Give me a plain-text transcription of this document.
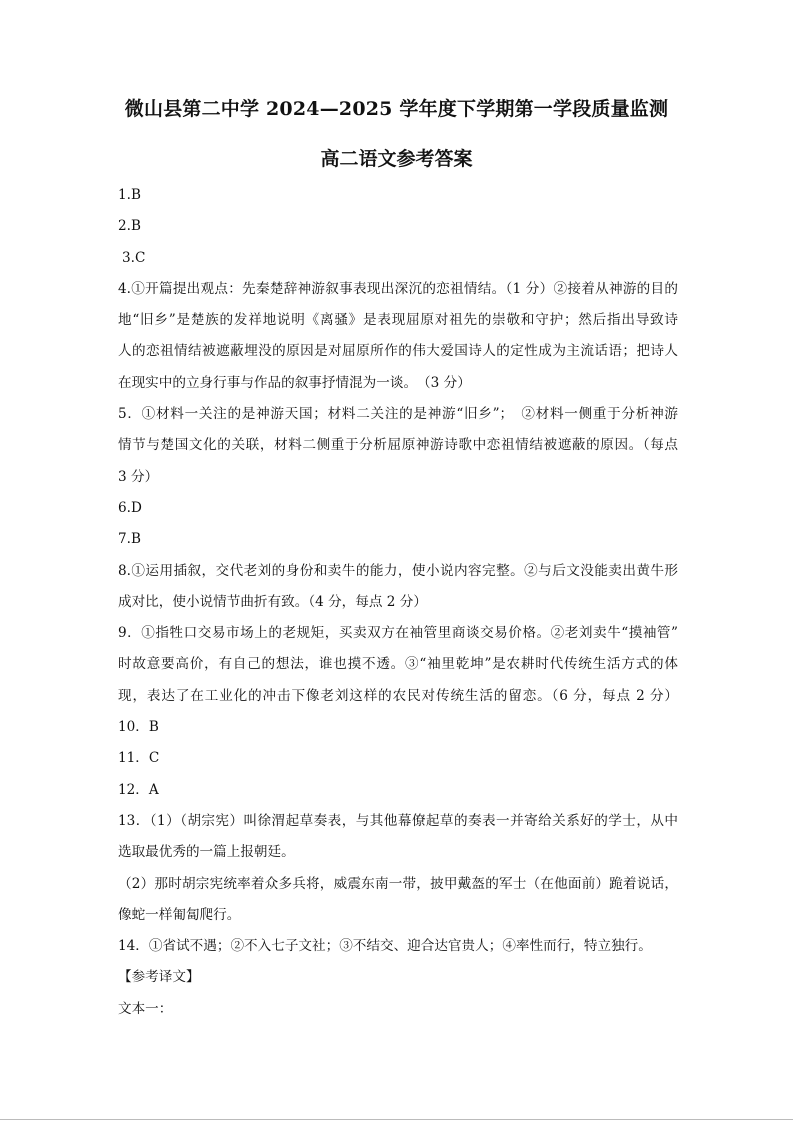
微山县第二中学 2024—2025 学年度下学期第一学段质量监测
高二语文参考答案
1.B
2.B
3.C
4.①开篇提出观点：先秦楚辞神游叙事表现出深沉的恋祖情结。（1 分）②接着从神游的目的
地“旧乡”是楚族的发祥地说明《离骚》是表现屈原对祖先的崇敬和守护；然后指出导致诗
人的恋祖情结被遮蔽埋没的原因是对屈原所作的伟大爱国诗人的定性成为主流话语；把诗人
在现实中的立身行事与作品的叙事抒情混为一谈。　（3 分）
5．①材料一关注的是神游天国；材料二关注的是神游“旧乡”；　②材料一侧重于分析神游
情节与楚国文化的关联，材料二侧重于分析屈原神游诗歌中恋祖情结被遮蔽的原因。（每点
3 分）
6.D
7.B
8.①运用插叙，交代老刘的身份和卖牛的能力，使小说内容完整。②与后文没能卖出黄牛形
成对比，使小说情节曲折有致。（4 分，每点 2 分）
9．①指牲口交易市场上的老规矩，买卖双方在袖管里商谈交易价格。②老刘卖牛“摸袖管”
时故意要高价，有自己的想法，谁也摸不透。③“袖里乾坤”是农耕时代传统生活方式的体
现，表达了在工业化的冲击下像老刘这样的农民对传统生活的留恋。（6 分，每点 2 分）
10．B
11．C
12．A
13．（1）（胡宗宪）叫徐渭起草奏表，与其他幕僚起草的奏表一并寄给关系好的学士，从中
选取最优秀的一篇上报朝廷。
（2）那时胡宗宪统率着众多兵将，威震东南一带，披甲戴盔的军士（在他面前）跪着说话，
像蛇一样匍匐爬行。
14．①省试不遇；②不入七子文社；③不结交、迎合达官贵人；④率性而行，特立独行。
【参考译文】
文本一：
